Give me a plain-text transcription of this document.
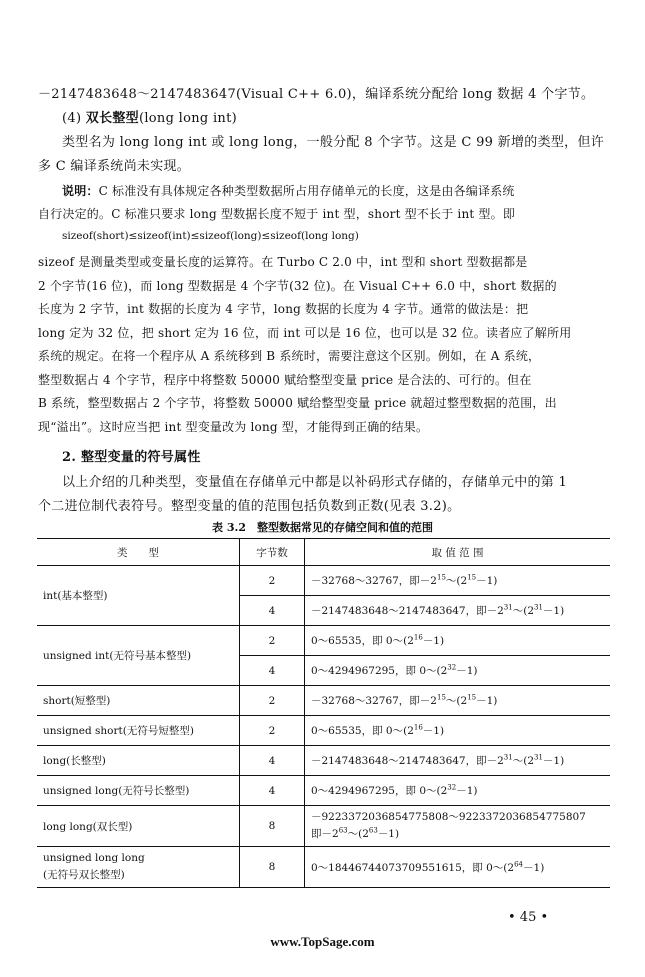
－2147483648～2147483647(Visual C++ 6.0)，编译系统分配给 long 数据 4 个字节。
(4) 双长整型(long long int)
类型名为 long long int 或 long long，一般分配 8 个字节。这是 C 99 新增的类型，但许
多 C 编译系统尚未实现。
说明：C 标准没有具体规定各种类型数据所占用存储单元的长度，这是由各编译系统
自行决定的。C 标准只要求 long 型数据长度不短于 int 型，short 型不长于 int 型。即
sizeof(short)≤sizeof(int)≤sizeof(long)≤sizeof(long long)
sizeof 是测量类型或变量长度的运算符。在 Turbo C 2.0 中，int 型和 short 型数据都是
2 个字节(16 位)，而 long 型数据是 4 个字节(32 位)。在 Visual C++ 6.0 中，short 数据的
长度为 2 字节，int 数据的长度为 4 字节，long 数据的长度为 4 字节。通常的做法是：把
long 定为 32 位，把 short 定为 16 位，而 int 可以是 16 位，也可以是 32 位。读者应了解所用
系统的规定。在将一个程序从 A 系统移到 B 系统时，需要注意这个区别。例如，在 A 系统，
整型数据占 4 个字节，程序中将整数 50000 赋给整型变量 price 是合法的、可行的。但在
B 系统，整型数据占 2 个字节，将整数 50000 赋给整型变量 price 就超过整型数据的范围，出
现“溢出”。这时应当把 int 型变量改为 long 型，才能得到正确的结果。
2. 整型变量的符号属性
以上介绍的几种类型，变量值在存储单元中都是以补码形式存储的，存储单元中的第 1
个二进位制代表符号。整型变量的值的范围包括负数到正数(见表 3.2)。
表 3.2　整型数据常见的存储空间和值的范围
类　　型	字节数	取 值 范 围
int(基本整型)	2	－32768～32767，即$-2^{15}\sim(2^{15}-1)$
	4	－2147483648～2147483647，即$-2^{31}\sim(2^{31}-1)$
unsigned int(无符号基本整型)	2	0～65535，即 $0\sim(2^{16}-1)$
	4	0～4294967295，即 $0\sim(2^{32}-1)$
short(短整型)	2	－32768～32767，即$-2^{15}\sim(2^{15}-1)$
unsigned short(无符号短整型)	2	0～65535，即 $0\sim(2^{16}-1)$
long(长整型)	4	－2147483648～2147483647，即$-2^{31}\sim(2^{31}-1)$
unsigned long(无符号长整型)	4	0～4294967295，即 $0\sim(2^{32}-1)$
long long(双长型)	8	－9223372036854775808～9223372036854775807
即$-2^{63}\sim(2^{63}-1)$

unsigned long long
(无符号双长整型)	8	0～18446744073709551615，即 $0\sim(2^{64}-1)$
• 45 •
www.TopSage.com
